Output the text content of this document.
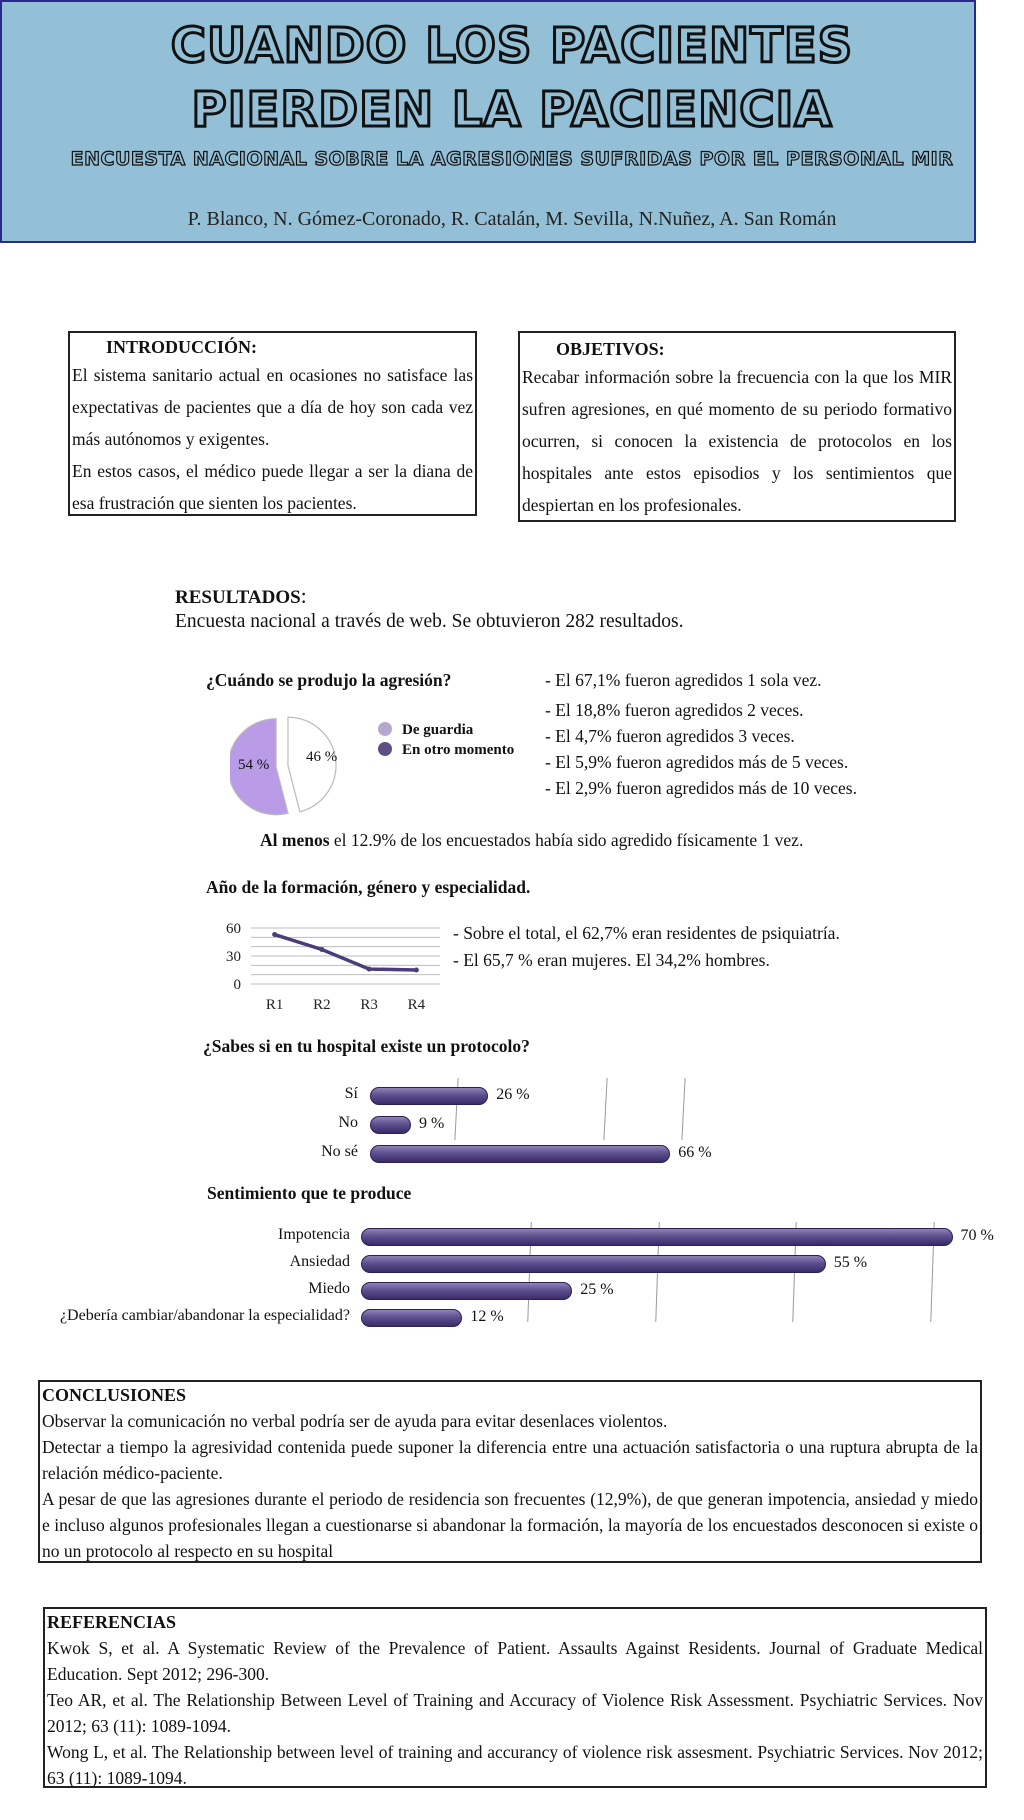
CUANDO LOS PACIENTES
PIERDEN LA PACIENCIA
ENCUESTA NACIONAL SOBRE LA AGRESIONES SUFRIDAS POR EL PERSONAL MIR
P. Blanco, N. Gómez-Coronado, R. Catalán, M. Sevilla, N.Nuñez, A. San Román
INTRODUCCIÓN:
El sistema sanitario actual en ocasiones no satisface las expectativas de pacientes que a día de hoy son cada vez más autónomos y exigentes.
En estos casos, el médico puede llegar a ser la diana de esa frustración que sienten los pacientes.
OBJETIVOS:
Recabar información sobre la frecuencia con la que los MIR sufren agresiones, en qué momento de su periodo formativo ocurren, si conocen la existencia de protocolos en los hospitales ante estos episodios y los sentimientos que despiertan en los profesionales.
RESULTADOS:
Encuesta nacional a través de web. Se obtuvieron 282 resultados.
¿Cuándo se produjo la agresión?
54 % 46 %
De guardia
En otro momento
- El 67,1% fueron agredidos 1 sola vez.
- El 18,8% fueron agredidos 2 veces.
- El 4,7% fueron agredidos 3 veces.
- El 5,9% fueron agredidos más de 5 veces.
- El 2,9% fueron agredidos más de 10 veces.
Al menos el 12.9% de los encuestados había sido agredido físicamente 1 vez.
Año de la formación, género y especialidad.
60
30
0
R1 R2 R3 R4
- Sobre el total, el 62,7% eran residentes de psiquiatría.
- El 65,7 % eran mujeres. El 34,2% hombres.
¿Sabes si en tu hospital existe un protocolo?
Sí	26 %
No	9 %
No sé	66 %
Sentimiento que te produce
Impotencia	70 %
Ansiedad	55 %
Miedo	25 %
¿Debería cambiar/abandonar la especialidad?	12 %
CONCLUSIONES
Observar la comunicación no verbal podría ser de ayuda para evitar desenlaces violentos.
Detectar a tiempo la agresividad contenida puede suponer la diferencia entre una actuación satisfactoria o una ruptura abrupta de la relación médico-paciente.
A pesar de que las agresiones durante el periodo de residencia son frecuentes (12,9%), de que generan impotencia, ansiedad y miedo e incluso algunos profesionales llegan a cuestionarse si abandonar la formación, la mayoría de los encuestados desconocen si existe o no un protocolo al respecto en su hospital
REFERENCIAS
Kwok S, et al. A Systematic Review of the Prevalence of Patient. Assaults Against Residents. Journal of Graduate Medical Education. Sept 2012; 296-300.
Teo AR, et al. The Relationship Between Level of Training and Accuracy of Violence Risk Assessment. Psychiatric Services. Nov 2012; 63 (11): 1089-1094.
Wong L, et al. The Relationship between level of training and accurancy of violence risk assesment. Psychiatric Services. Nov 2012; 63 (11): 1089-1094.
